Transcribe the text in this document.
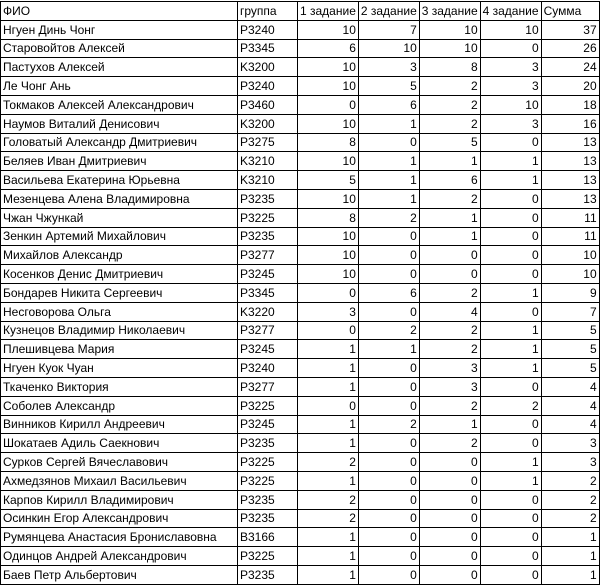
ФИО	группа	1 задание	2 задание	3 задание	4 задание	Сумма
Нгуен Динь Чонг	P3240	10	7	10	10	37
Старовойтов Алексей	P3345	6	10	10	0	26
Пастухов Алексей	K3200	10	3	8	3	24
Ле Чонг Ань	P3240	10	5	2	3	20
Токмаков Алексей Александрович	P3460	0	6	2	10	18
Наумов Виталий Денисович	K3200	10	1	2	3	16
Головатый Александр Дмитриевич	P3275	8	0	5	0	13
Беляев Иван Дмитриевич	K3210	10	1	1	1	13
Васильева Екатерина Юрьевна	K3210	5	1	6	1	13
Мезенцева Алена Владимировна	P3235	10	1	2	0	13
Чжан Чжункай	P3225	8	2	1	0	11
Зенкин Артемий Михайлович	P3235	10	0	1	0	11
Михайлов Александр	P3277	10	0	0	0	10
Косенков Денис Дмитриевич	P3245	10	0	0	0	10
Бондарев Никита Сергеевич	P3345	0	6	2	1	9
Несговорова Ольга	K3220	3	0	4	0	7
Кузнецов Владимир Николаевич	P3277	0	2	2	1	5
Плешивцева Мария	P3245	1	1	2	1	5
Нгуен Куок Чуан	P3240	1	0	3	1	5
Ткаченко Виктория	P3277	1	0	3	0	4
Соболев Александр	P3225	0	0	2	2	4
Винников Кирилл Андреевич	P3245	1	2	1	0	4
Шокатаев Адиль Саекнович	P3235	1	0	2	0	3
Сурков Сергей Вячеславович	P3225	2	0	0	1	3
Ахмедзянов Михаил Васильевич	P3225	1	0	0	1	2
Карпов Кирилл Владимирович	P3235	2	0	0	0	2
Осинкин Егор Александрович	P3235	2	0	0	0	2
Румянцева Анастасия Брониславовна	B3166	1	0	0	0	1
Одинцов Андрей Александрович	P3225	1	0	0	0	1
Баев Петр Альбертович	P3235	1	0	0	0	1
